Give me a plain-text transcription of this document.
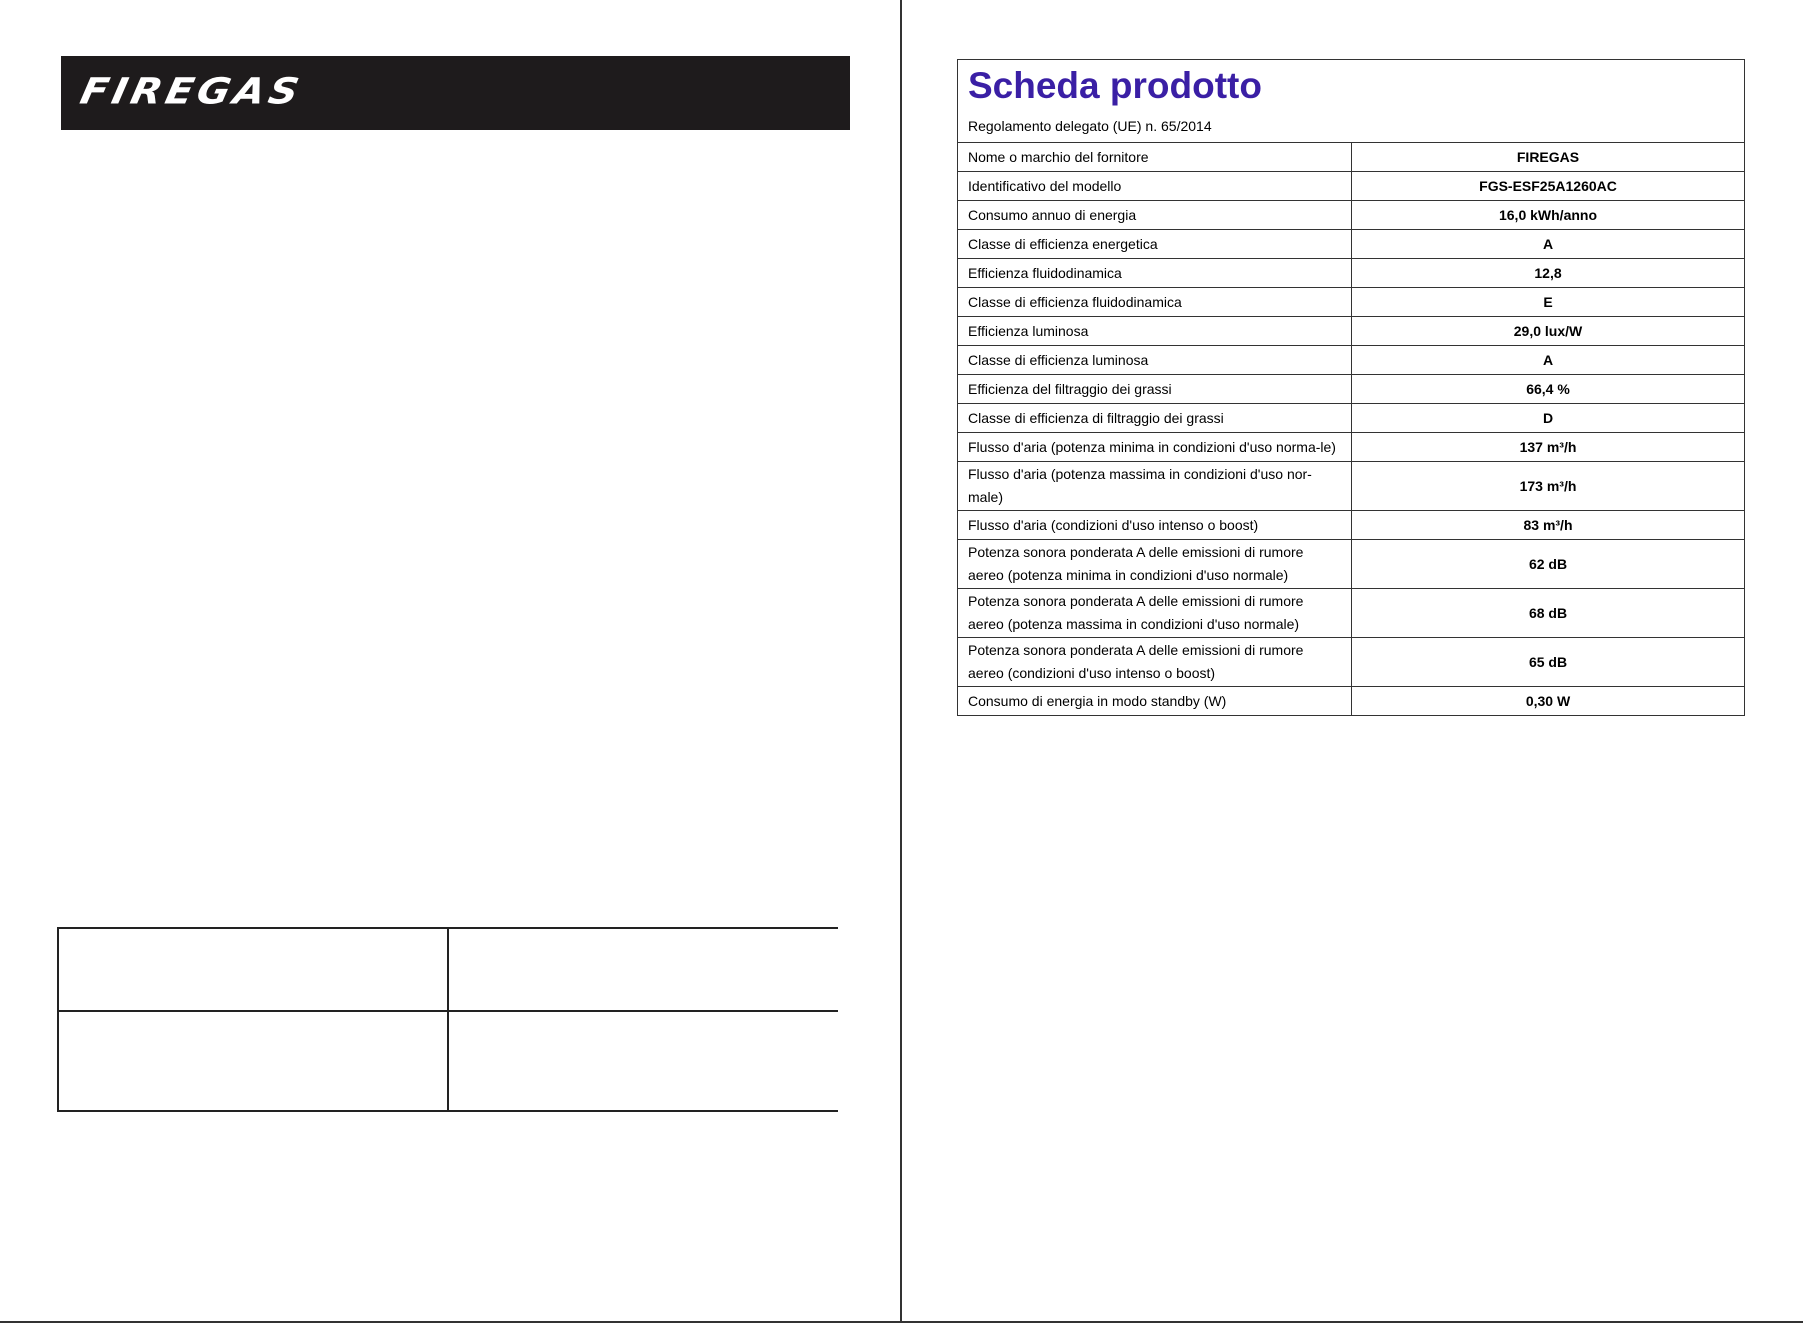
FIREGAS

		Scheda prodotto
Regolamento delegato (UE) n. 65/2014
Nome o marchio del fornitore	FIREGAS
Identificativo del modello	FGS-ESF25A1260AC
Consumo annuo di energia	16,0 kWh/anno
Classe di efficienza energetica	A
Efficienza fluidodinamica	12,8
Classe di efficienza fluidodinamica	E
Efficienza luminosa	29,0 lux/W
Classe di efficienza luminosa	A
Efficienza del filtraggio dei grassi	66,4 %
Classe di efficienza di filtraggio dei grassi	D
Flusso d'aria (potenza minima in condizioni d'uso norma-le)	137 m³/h
Flusso d'aria (potenza massima in condizioni d'uso nor-male)	173 m³/h
Flusso d'aria (condizioni d'uso intenso o boost)	83 m³/h
Potenza sonora ponderata A delle emissioni di rumore aereo (potenza minima in condizioni d'uso normale)	62 dB
Potenza sonora ponderata A delle emissioni di rumore aereo (potenza massima in condizioni d'uso normale)	68 dB
Potenza sonora ponderata A delle emissioni di rumore aereo (condizioni d'uso intenso o boost)	65 dB
Consumo di energia in modo standby (W)	0,30 W
